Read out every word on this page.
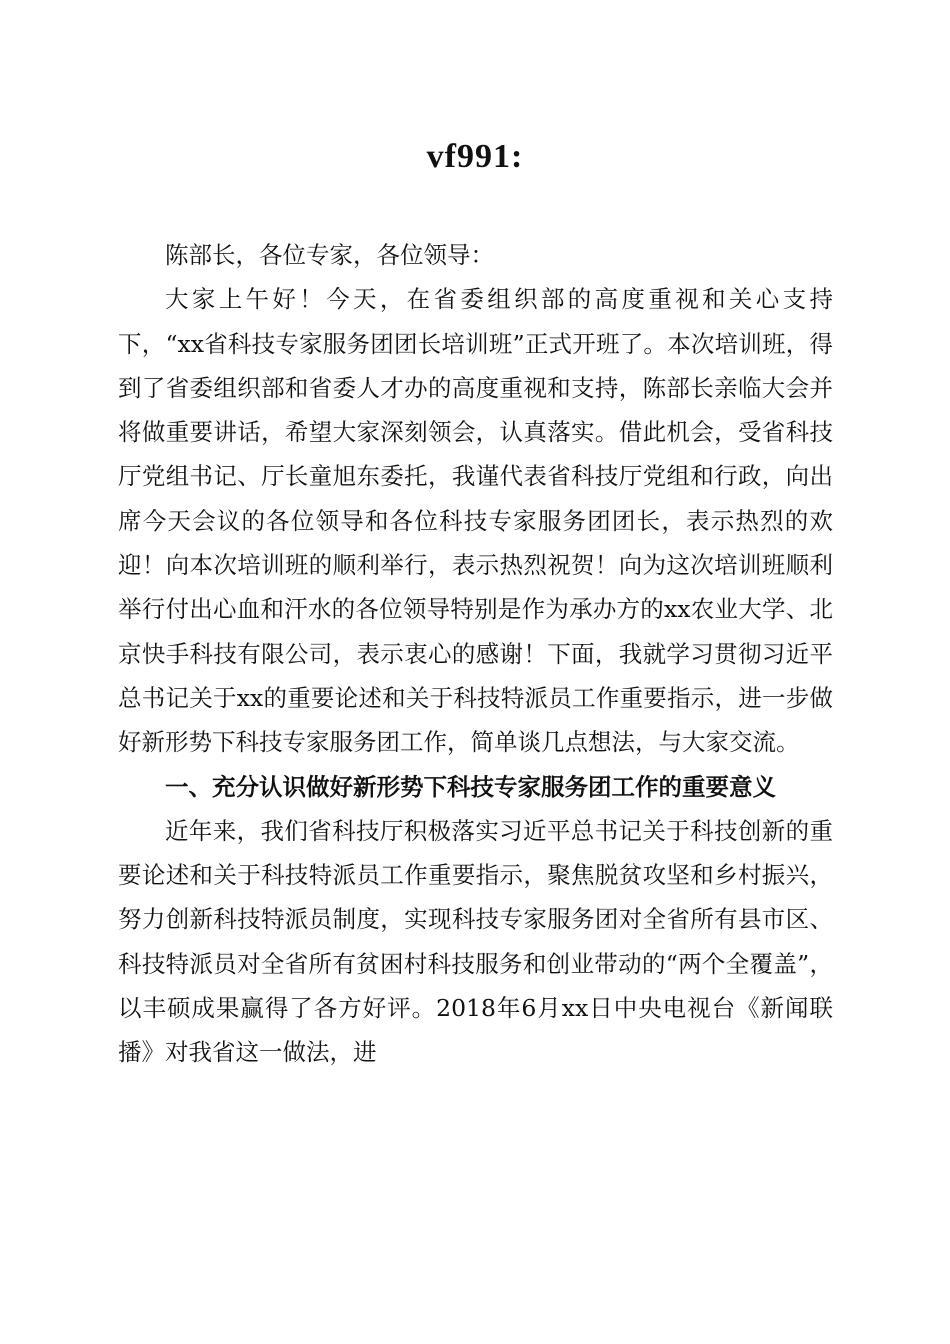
vf991:

陈部长，各位专家，各位领导：

大家上午好！今天，在省委组织部的高度重视和关心支持下，“xx省科技专家服务团团长培训班”正式开班了。本次培训班，得到了省委组织部和省委人才办的高度重视和支持，陈部长亲临大会并将做重要讲话，希望大家深刻领会，认真落实。借此机会，受省科技厅党组书记、厅长童旭东委托，我谨代表省科技厅党组和行政，向出席今天会议的各位领导和各位科技专家服务团团长，表示热烈的欢迎！向本次培训班的顺利举行，表示热烈祝贺！向为这次培训班顺利举行付出心血和汗水的各位领导特别是作为承办方的xx农业大学、北京快手科技有限公司，表示衷心的感谢！下面，我就学习贯彻习近平总书记关于xx的重要论述和关于科技特派员工作重要指示，进一步做好新形势下科技专家服务团工作，简单谈几点想法，与大家交流。

一、充分认识做好新形势下科技专家服务团工作的重要意义

近年来，我们省科技厅积极落实习近平总书记关于科技创新的重要论述和关于科技特派员工作重要指示，聚焦脱贫攻坚和乡村振兴，努力创新科技特派员制度，实现科技专家服务团对全省所有县市区、科技特派员对全省所有贫困村科技服务和创业带动的“两个全覆盖”，以丰硕成果赢得了各方好评。2018年6月xx日中央电视台《新闻联播》对我省这一做法，进
